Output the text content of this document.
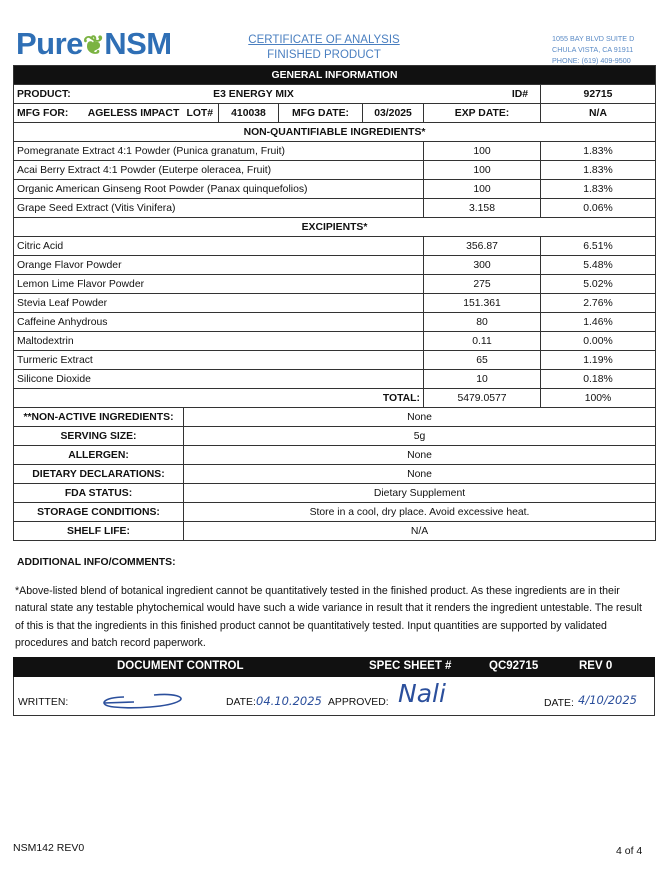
Pure❦NSM	CERTIFICATE OF ANALYSIS
FINISHED PRODUCT
1055 BAY BLVD SUITE D
CHULA VISTA, CA 91911
PHONE: (619) 409-9500
GENERAL INFORMATION							
PRODUCT:	E3 ENERGY MIX					ID#	92715
MFG FOR:	AGELESS IMPACT	LOT#	410038	MFG DATE:	03/2025	EXP DATE:	N/A
NON-QUANTIFIABLE INGREDIENTS*							
Pomegranate Extract 4:1 Powder (Punica granatum, Fruit)						100	1.83%
Acai Berry Extract 4:1 Powder (Euterpe oleracea, Fruit)						100	1.83%
Organic American Ginseng Root Powder (Panax quinquefolios)						100	1.83%
Grape Seed Extract (Vitis Vinifera)						3.158	0.06%
EXCIPIENTS*							
Citric Acid						356.87	6.51%
Orange Flavor Powder						300	5.48%
Lemon Lime Flavor Powder						275	5.02%
Stevia Leaf Powder						151.361	2.76%
Caffeine Anhydrous						80	1.46%
Maltodextrin						0.11	0.00%
Turmeric Extract						65	1.19%
Silicone Dioxide						10	0.18%
TOTAL:						5479.0577	100%
**NON-ACTIVE INGREDIENTS:		None					
SERVING SIZE:		5g					
ALLERGEN:		None					
DIETARY DECLARATIONS:		None					
FDA STATUS:		Dietary Supplement					
STORAGE CONDITIONS:		Store in a cool, dry place. Avoid excessive heat.					
SHELF LIFE:		N/A					
ADDITIONAL INFO/COMMENTS:
*Above-listed blend of botanical ingredient cannot be quantitatively tested in the finished product. As these ingredients are in their natural state any testable phytochemical would have such a wide variance in result that it renders the ingredient untestable. The result of this is that the ingredients in this finished product cannot be quantitatively tested. Input quantities are supported by validated procedures and batch record paperwork.
DOCUMENT CONTROL	SPEC SHEET #	QC92715	REV 0
WRITTEN:	DATE: 04.10.2025 APPROVED: Nali	DATE: 4/10/2025
NSM142 REV0	4 of 4
